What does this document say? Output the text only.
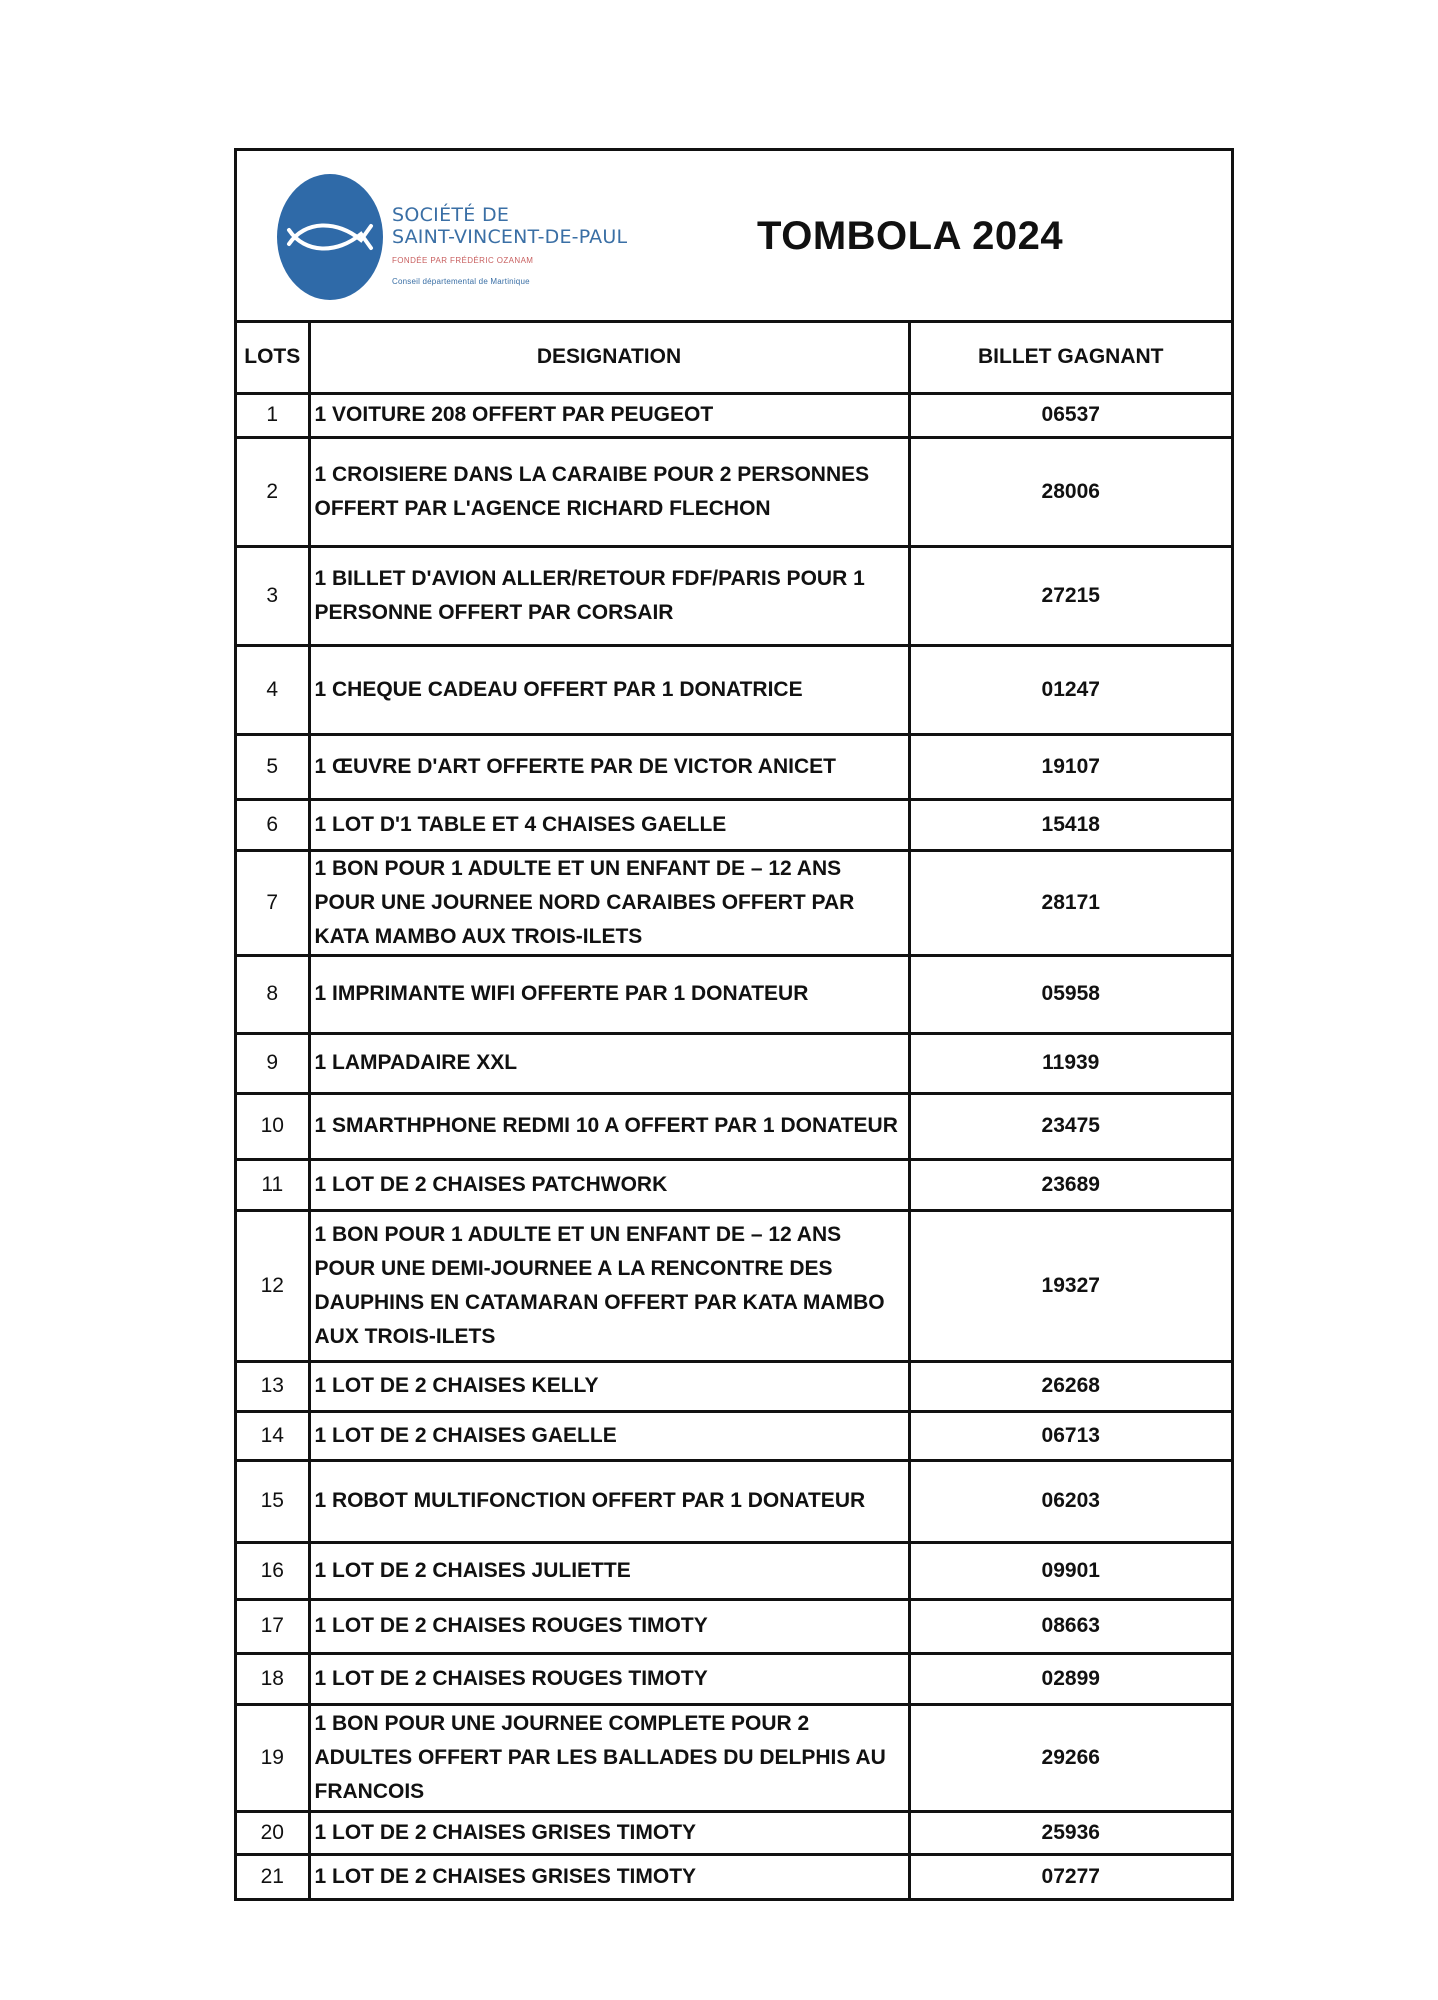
SOCIÉTÉ DE
SAINT-VINCENT-DE-PAUL
FONDÉE PAR FRÉDÉRIC OZANAM
Conseil départemental de Martinique
TOMBOLA 2024
LOTS	DESIGNATION	BILLET GAGNANT
1	1 VOITURE 208 OFFERT PAR PEUGEOT	06537
2	1 CROISIERE DANS LA CARAIBE POUR 2 PERSONNES OFFERT PAR L'AGENCE RICHARD FLECHON	28006
3	1 BILLET D'AVION ALLER/RETOUR FDF/PARIS POUR 1 PERSONNE OFFERT PAR CORSAIR	27215
4	1 CHEQUE CADEAU OFFERT PAR 1 DONATRICE	01247
5	1 ŒUVRE D'ART OFFERTE PAR DE VICTOR ANICET	19107
6	1 LOT D'1 TABLE ET 4 CHAISES GAELLE	15418
7	1 BON POUR 1 ADULTE ET UN ENFANT DE – 12 ANS POUR UNE JOURNEE NORD CARAIBES OFFERT PAR KATA MAMBO AUX TROIS-ILETS	28171
8	1 IMPRIMANTE WIFI OFFERTE PAR 1 DONATEUR	05958
9	1 LAMPADAIRE XXL	11939
10	1 SMARTHPHONE REDMI 10 A OFFERT PAR 1 DONATEUR	23475
11	1 LOT DE 2 CHAISES PATCHWORK	23689
12	1 BON POUR 1 ADULTE ET UN ENFANT DE – 12 ANS POUR UNE DEMI-JOURNEE A LA RENCONTRE DES DAUPHINS EN CATAMARAN OFFERT PAR KATA MAMBO AUX TROIS-ILETS	19327
13	1 LOT DE 2 CHAISES KELLY	26268
14	1 LOT DE 2 CHAISES GAELLE	06713
15	1 ROBOT MULTIFONCTION OFFERT PAR 1 DONATEUR	06203
16	1 LOT DE 2 CHAISES JULIETTE	09901
17	1 LOT DE 2 CHAISES ROUGES TIMOTY	08663
18	1 LOT DE 2 CHAISES ROUGES TIMOTY	02899
19	1 BON POUR UNE JOURNEE COMPLETE POUR 2 ADULTES OFFERT PAR LES BALLADES DU DELPHIS AU FRANCOIS	29266
20	1 LOT DE 2 CHAISES GRISES TIMOTY	25936
21	1 LOT DE 2 CHAISES GRISES TIMOTY	07277
